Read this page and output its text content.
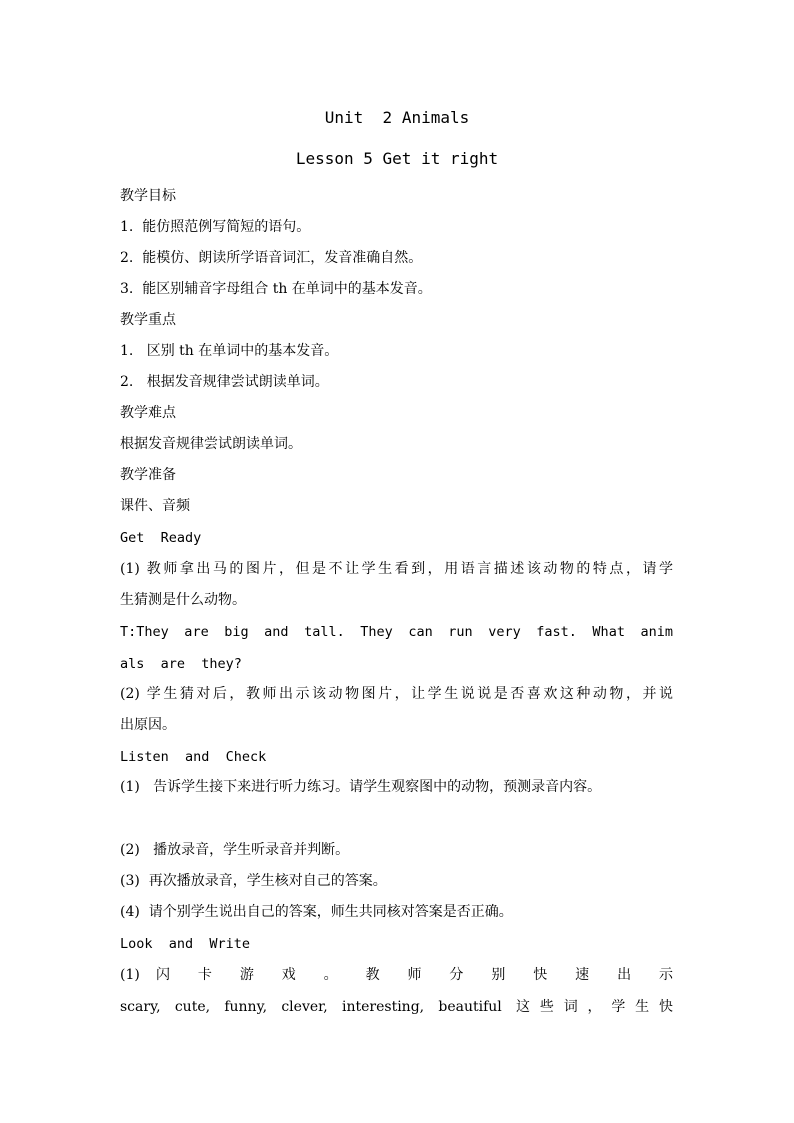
Unit  2 Animals
Lesson 5 Get it right
教学目标
1.  能仿照范例写简短的语句。
2.  能模仿、朗读所学语音词汇，发音准确自然。
3.  能区别辅音字母组合 th 在单词中的基本发音。
教学重点
1.   区别 th 在单词中的基本发音。
2.   根据发音规律尝试朗读单词。
教学难点
根据发音规律尝试朗读单词。
教学准备
课件、音频
Get  Ready
(1) 教师拿出马的图片，但是不让学生看到，用语言描述该动物的特点，请学
生猜测是什么动物。
T:They are big and tall. They can run very fast. What anim
als  are  they?
(2) 学生猜对后，教师出示该动物图片，让学生说说是否喜欢这种动物，并说
出原因。
Listen  and  Check
(1)   告诉学生接下来进行听力练习。请学生观察图中的动物，预测录音内容。
(2)   播放录音，学生听录音并判断。
(3)  再次播放录音，学生核对自己的答案。
(4)  请个别学生说出自己的答案，师生共同核对答案是否正确。
Look  and  Write
(1) 闪 卡 游 戏 。 教 师 分 别 快 速 出 示
scary, cute, funny, clever, interesting, beautiful 这些词，学生快
